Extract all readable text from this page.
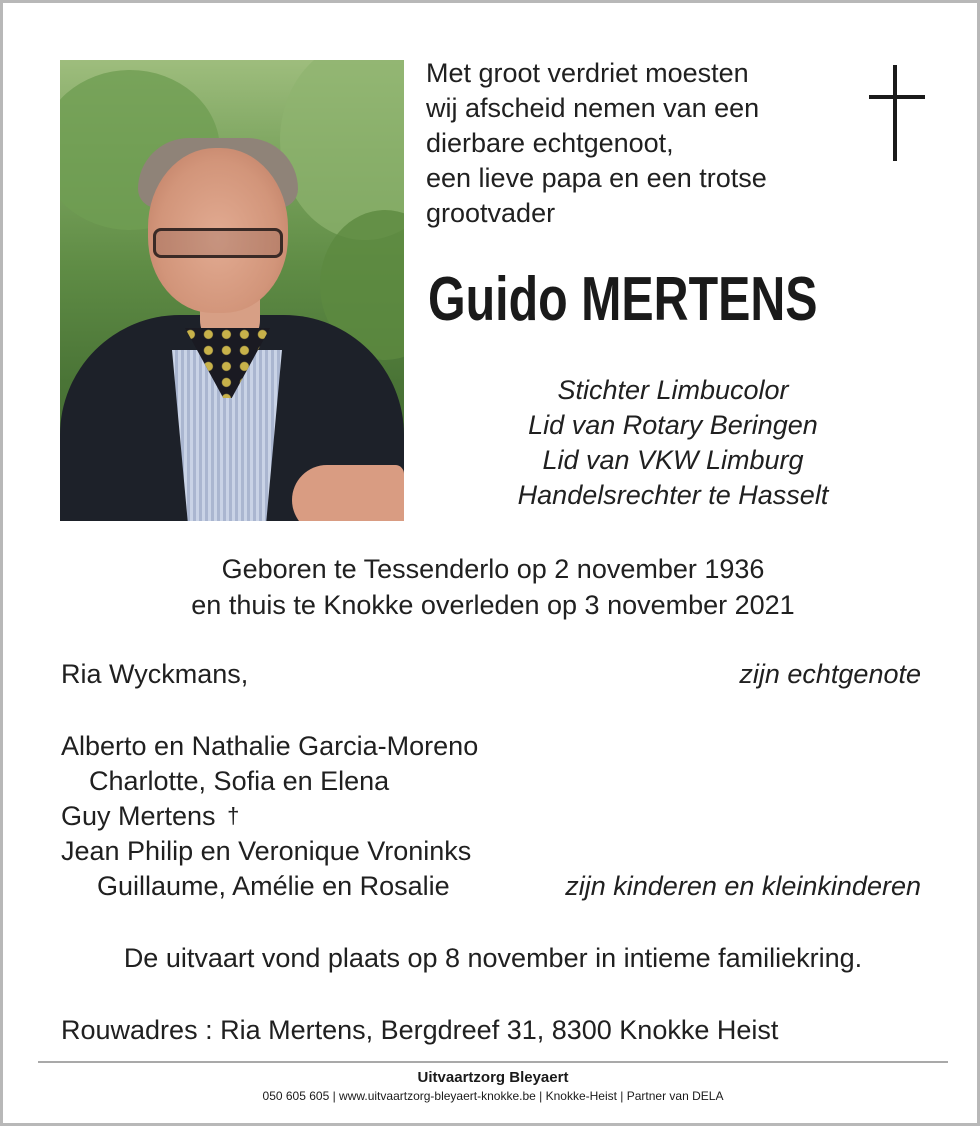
Met groot verdriet moesten
wij afscheid nemen van een
dierbare echtgenoot,
een lieve papa en een trotse
grootvader
Guido MERTENS
Stichter Limbucolor
Lid van Rotary Beringen
Lid van VKW Limburg
Handelsrechter te Hasselt
Geboren te Tessenderlo op 2 november 1936
en thuis te Knokke overleden op 3 november 2021
Ria Wyckmans,	zijn echtgenote
Alberto en Nathalie Garcia-Moreno
Charlotte, Sofia en Elena
Guy Mertens †
Jean Philip en Veronique Vroninks
Guillaume, Amélie en Rosalie	zijn kinderen en kleinkinderen
De uitvaart vond plaats op 8 november in intieme familiekring.
Rouwadres : Ria Mertens, Bergdreef 31, 8300 Knokke Heist
Uitvaartzorg Bleyaert
050 605 605 | www.uitvaartzorg-bleyaert-knokke.be | Knokke-Heist | Partner van DELA
